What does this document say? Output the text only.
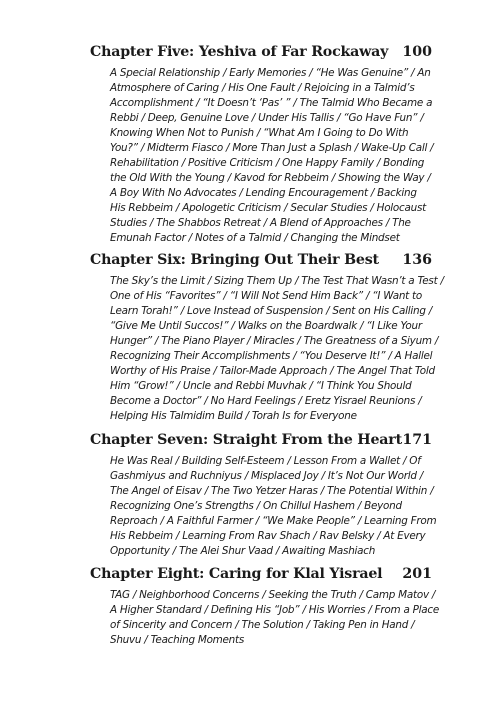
Chapter Five: Yeshiva of Far Rockaway 100
A Special Relationship / Early Memories / “He Was Genuine” / An
Atmosphere of Caring / His One Fault / Rejoicing in a Talmid’s
Accomplishment / “It Doesn’t ‘Pas’ ” / The Talmid Who Became a
Rebbi / Deep, Genuine Love / Under His Tallis / “Go Have Fun” /
Knowing When Not to Punish / “What Am I Going to Do With
You?” / Midterm Fiasco / More Than Just a Splash / Wake-Up Call /
Rehabilitation / Positive Criticism / One Happy Family / Bonding
the Old With the Young / Kavod for Rebbeim / Showing the Way /
A Boy With No Advocates / Lending Encouragement / Backing
His Rebbeim / Apologetic Criticism / Secular Studies / Holocaust
Studies / The Shabbos Retreat / A Blend of Approaches / The
Emunah Factor / Notes of a Talmid / Changing the Mindset
Chapter Six: Bringing Out Their Best 136
The Sky’s the Limit / Sizing Them Up / The Test That Wasn’t a Test /
One of His “Favorites” / “I Will Not Send Him Back” / “I Want to
Learn Torah!” / Love Instead of Suspension / Sent on His Calling /
“Give Me Until Succos!” / Walks on the Boardwalk / “I Like Your
Hunger” / The Piano Player / Miracles / The Greatness of a Siyum /
Recognizing Their Accomplishments / “You Deserve It!” / A Hallel
Worthy of His Praise / Tailor-Made Approach / The Angel That Told
Him “Grow!” / Uncle and Rebbi Muvhak / “I Think You Should
Become a Doctor” / No Hard Feelings / Eretz Yisrael Reunions /
Helping His Talmidim Build / Torah Is for Everyone
Chapter Seven: Straight From the Heart 171
He Was Real / Building Self-Esteem / Lesson From a Wallet / Of
Gashmiyus and Ruchniyus / Misplaced Joy / It’s Not Our World /
The Angel of Eisav / The Two Yetzer Haras / The Potential Within /
Recognizing One’s Strengths / On Chillul Hashem / Beyond
Reproach / A Faithful Farmer / “We Make People” / Learning From
His Rebbeim / Learning From Rav Shach / Rav Belsky / At Every
Opportunity / The Alei Shur Vaad / Awaiting Mashiach
Chapter Eight: Caring for Klal Yisrael 201
TAG / Neighborhood Concerns / Seeking the Truth / Camp Matov /
A Higher Standard / Defining His “Job” / His Worries / From a Place
of Sincerity and Concern / The Solution / Taking Pen in Hand /
Shuvu / Teaching Moments
